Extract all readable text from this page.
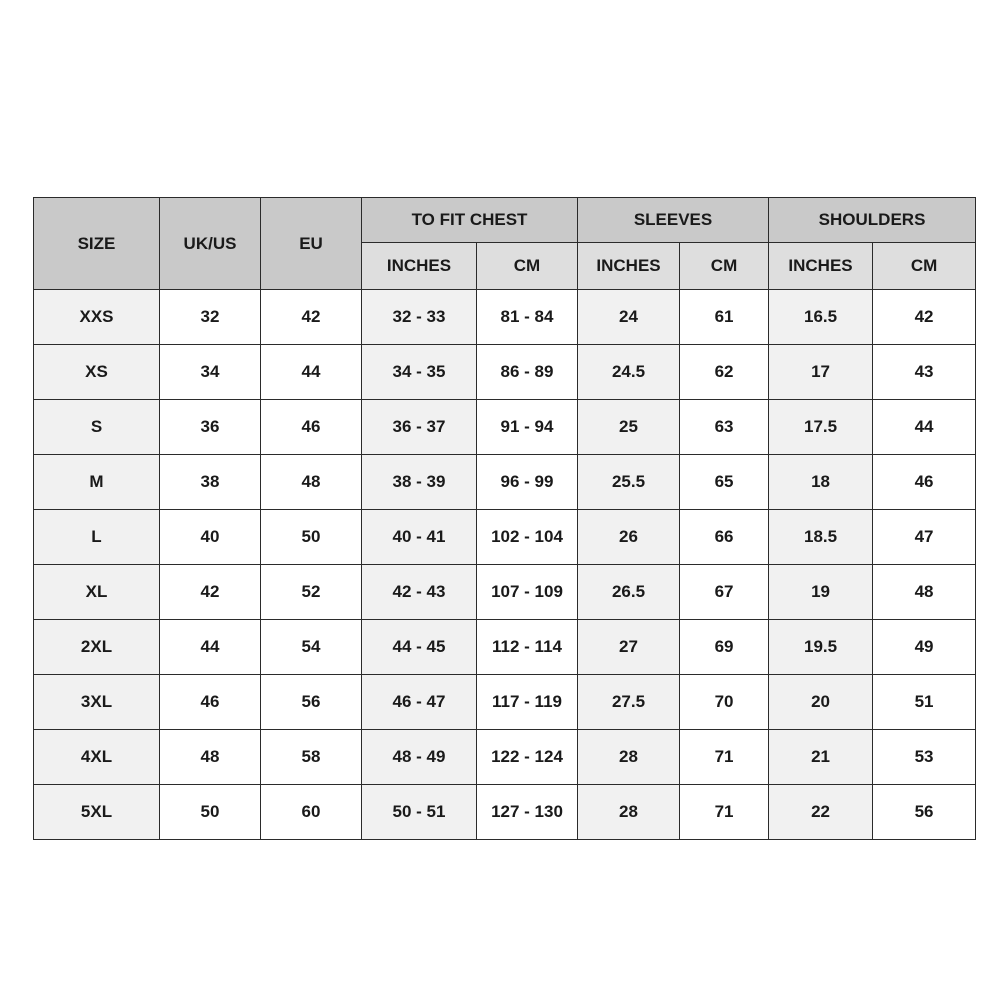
SIZE	UK/US	EU	TO FIT CHEST		SLEEVES		SHOULDERS	
			INCHES	CM	INCHES	CM	INCHES	CM
XXS	32	42	32 - 33	81 - 84	24	61	16.5	42
XS	34	44	34 - 35	86 - 89	24.5	62	17	43
S	36	46	36 - 37	91 - 94	25	63	17.5	44
M	38	48	38 - 39	96 - 99	25.5	65	18	46
L	40	50	40 - 41	102 - 104	26	66	18.5	47
XL	42	52	42 - 43	107 - 109	26.5	67	19	48
2XL	44	54	44 - 45	112 - 114	27	69	19.5	49
3XL	46	56	46 - 47	117 - 119	27.5	70	20	51
4XL	48	58	48 - 49	122 - 124	28	71	21	53
5XL	50	60	50 - 51	127 - 130	28	71	22	56
